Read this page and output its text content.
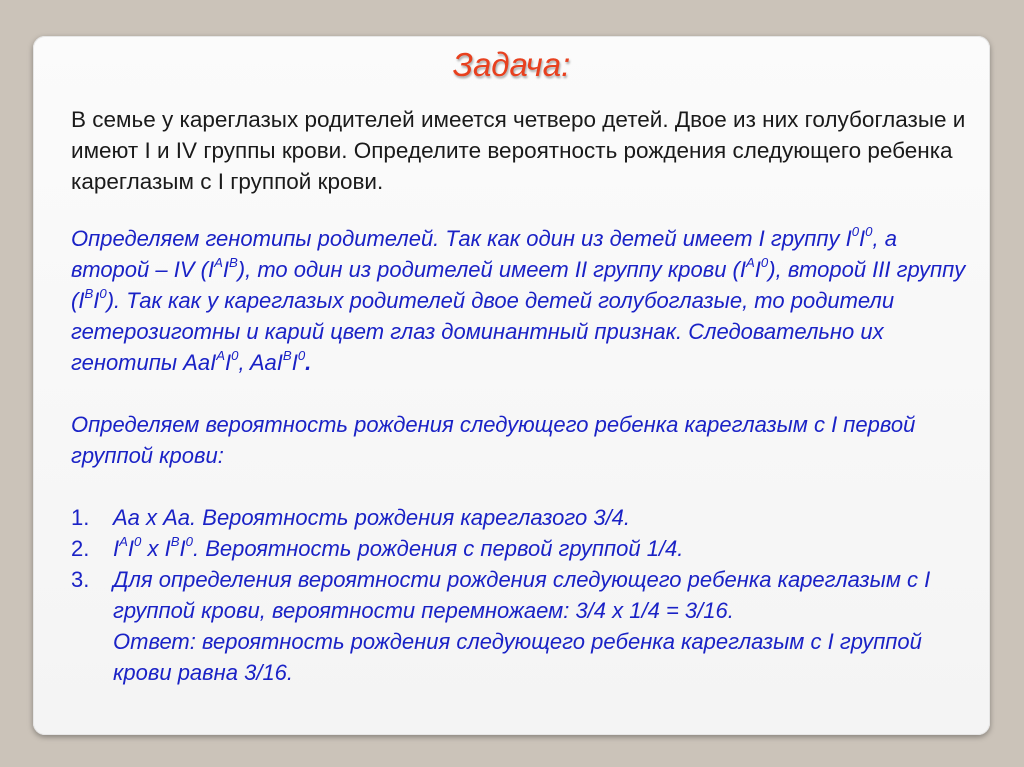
Задача:
В семье у кареглазых родителей имеется четверо детей. Двое из них голубоглазые и имеют I и IV группы крови. Определите вероятность рождения следующего ребенка кареглазым с I группой крови.

Определяем генотипы родителей. Так как один из детей имеет I группу $I^0I^0$, а второй – IV $(I^AI^B)$, то один из родителей имеет II группу крови $(I^AI^0)$, второй III группу $(I^BI^0)$. Так как у кареглазых родителей двое детей голубоглазые, то родители гетерозиготны и карий цвет глаз доминантный признак. Следовательно их генотипы $AaI^AI^0$, $AaI^BI^0$.

Определяем вероятность рождения следующего ребенка кареглазым с I первой группой крови:

1.	Аа х Аа. Вероятность рождения кареглазого 3/4.
2.	$I^AI^0$ x $I^BI^0$. Вероятность рождения с первой группой 1/4.
3.	Для определения вероятности рождения следующего ребенка кареглазым с I группой крови, вероятности перемножаем: 3/4 х 1/4 = 3/16.
Ответ: вероятность рождения следующего ребенка кареглазым с I группой крови равна 3/16.
